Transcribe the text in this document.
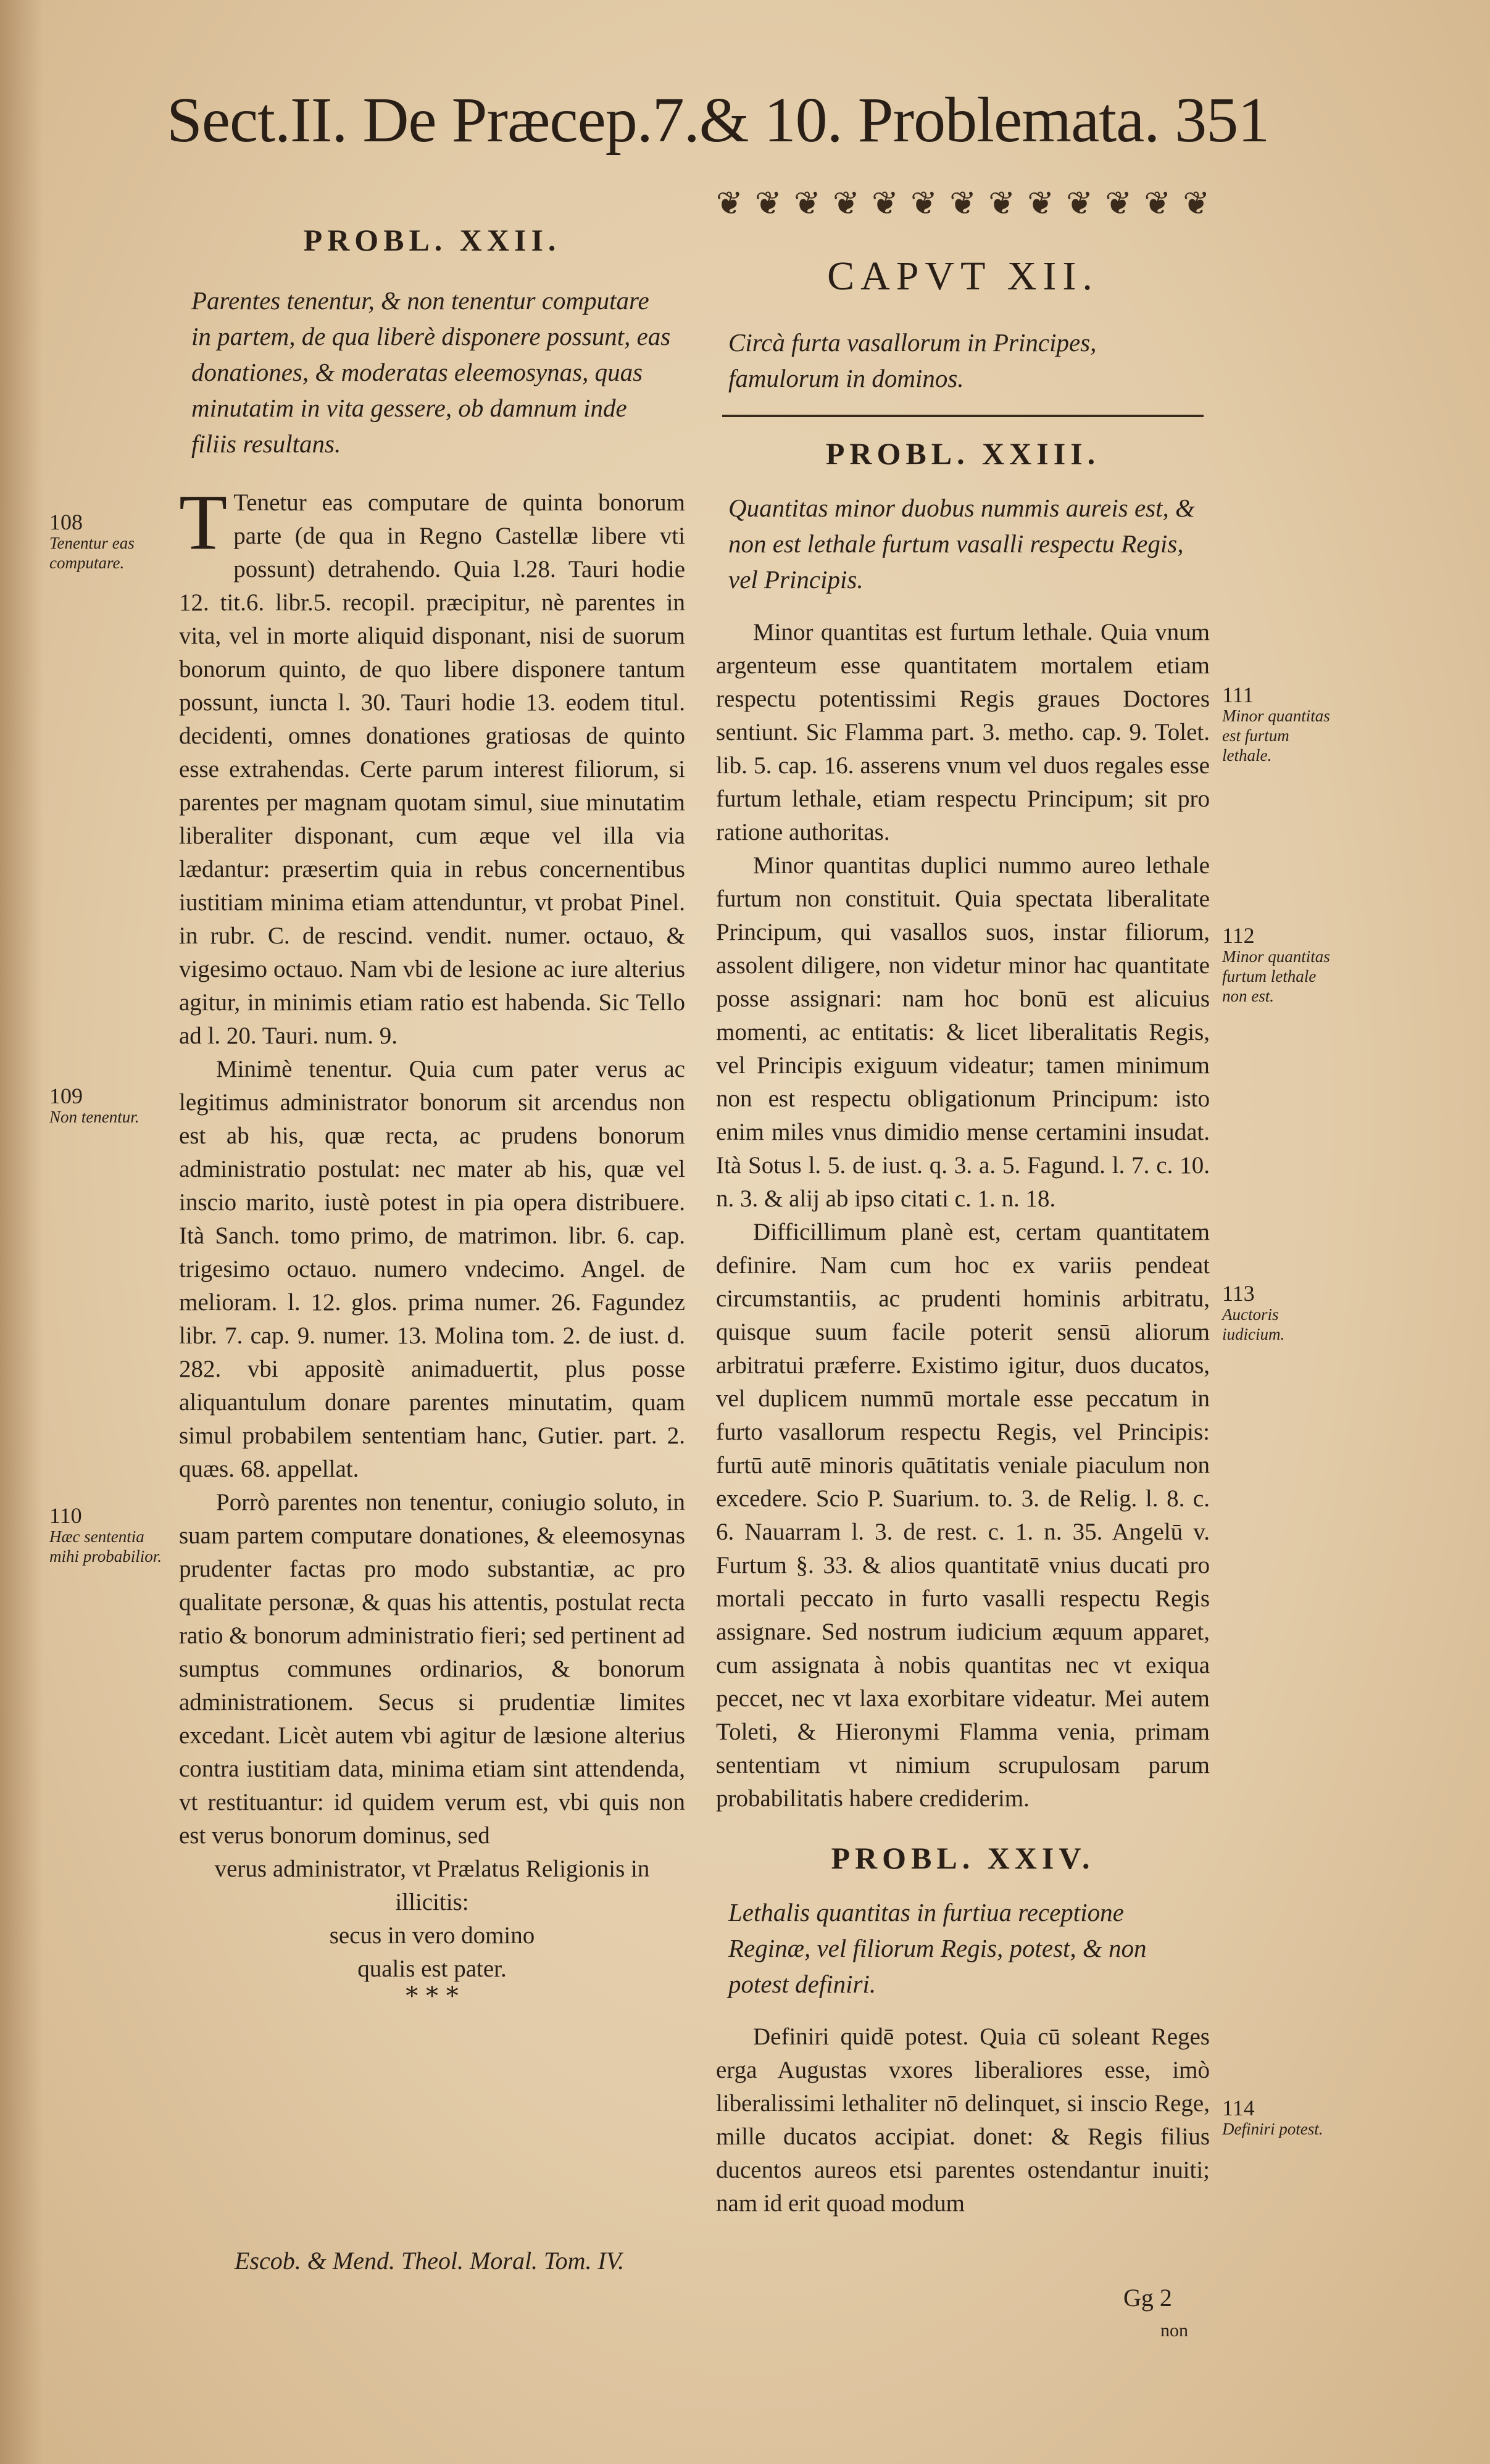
Sect.II. De Præcep.7.& 10. Problemata. 351
PROBL. XXII.

Parentes tenentur, & non tenentur computare in partem, de qua liberè disponere possunt, eas donationes, & moderatas eleemosynas, quas minutatim in vita gessere, ob damnum inde filiis resultans.

T Tenetur eas computare de quinta bonorum parte (de qua in Regno Castellæ libere vti possunt) detrahendo. Quia l.28. Tauri hodie 12. tit.6. libr.5. recopil. præcipitur, nè parentes in vita, vel in morte aliquid disponant, nisi de suorum bonorum quinto, de quo libere disponere tantum possunt, iuncta l. 30. Tauri hodie 13. eodem titul. decidenti, omnes donationes gratiosas de quinto esse extrahendas. Certe parum interest filiorum, si parentes per magnam quotam simul, siue minutatim liberaliter disponant, cum æque vel illa via lædantur: præsertim quia in rebus concernentibus iustitiam minima etiam attenduntur, vt probat Pinel. in rubr. C. de rescind. vendit. numer. octauo, & vigesimo octauo. Nam vbi de lesione ac iure alterius agitur, in minimis etiam ratio est habenda. Sic Tello ad l. 20. Tauri. num. 9.

Minimè tenentur. Quia cum pater verus ac legitimus administrator bonorum sit arcendus non est ab his, quæ recta, ac prudens bonorum administratio postulat: nec mater ab his, quæ vel inscio marito, iustè potest in pia opera distribuere. Ità Sanch. tomo primo, de matrimon. libr. 6. cap. trigesimo octauo. numero vndecimo. Angel. de melioram. l. 12. glos. prima numer. 26. Fagundez libr. 7. cap. 9. numer. 13. Molina tom. 2. de iust. d. 282. vbi appositè animaduertit, plus posse aliquantulum donare parentes minutatim, quam simul probabilem sententiam hanc, Gutier. part. 2. quæs. 68. appellat.

Porrò parentes non tenentur, coniugio soluto, in suam partem computare donationes, & eleemosynas prudenter factas pro modo substantiæ, ac pro qualitate personæ, & quas his attentis, postulat recta ratio & bonorum administratio fieri; sed pertinent ad sumptus communes ordinarios, & bonorum administrationem. Secus si prudentiæ limites excedant. Licèt autem vbi agitur de læsione alterius contra iustitiam data, minima etiam sint attendenda, vt restituantur: id quidem verum est, vbi quis non est verus bonorum dominus, sed

verus administrator, vt Prælatus Religionis in illicitis:
secus in vero domino
qualis est pater.
* * *
❦ ❦ ❦ ❦ ❦ ❦ ❦ ❦ ❦ ❦ ❦ ❦ ❦
CAPVT XII.

Circà furta vasallorum in Principes, famulorum in dominos.

PROBL. XXIII.

Quantitas minor duobus nummis aureis est, & non est lethale furtum vasalli respectu Regis, vel Principis.

Minor quantitas est furtum lethale. Quia vnum argenteum esse quantitatem mortalem etiam respectu potentissimi Regis graues Doctores sentiunt. Sic Flamma part. 3. metho. cap. 9. Tolet. lib. 5. cap. 16. asserens vnum vel duos regales esse furtum lethale, etiam respectu Principum; sit pro ratione authoritas.

Minor quantitas duplici nummo aureo lethale furtum non constituit. Quia spectata liberalitate Principum, qui vasallos suos, instar filiorum, assolent diligere, non videtur minor hac quantitate posse assignari: nam hoc bonū est alicuius momenti, ac entitatis: & licet liberalitatis Regis, vel Principis exiguum videatur; tamen minimum non est respectu obligationum Principum: isto enim miles vnus dimidio mense certamini insudat. Ità Sotus l. 5. de iust. q. 3. a. 5. Fagund. l. 7. c. 10. n. 3. & alij ab ipso citati c. 1. n. 18.

Difficillimum planè est, certam quantitatem definire. Nam cum hoc ex variis pendeat circumstantiis, ac prudenti hominis arbitratu, quisque suum facile poterit sensū aliorum arbitratui præferre. Existimo igitur, duos ducatos, vel duplicem nummū mortale esse peccatum in furto vasallorum respectu Regis, vel Principis: furtū autē minoris quātitatis veniale piaculum non excedere. Scio P. Suarium. to. 3. de Relig. l. 8. c. 6. Nauarram l. 3. de rest. c. 1. n. 35. Angelū v. Furtum §. 33. & alios quantitatē vnius ducati pro mortali peccato in furto vasalli respectu Regis assignare. Sed nostrum iudicium æquum apparet, cum assignata à nobis quantitas nec vt exiqua peccet, nec vt laxa exorbitare videatur. Mei autem Toleti, & Hieronymi Flamma venia, primam sententiam vt nimium scrupulosam parum probabilitatis habere crediderim.

PROBL. XXIV.

Lethalis quantitas in furtiua receptione Reginæ, vel filiorum Regis, potest, & non potest definiri.

Definiri quidē potest. Quia cū soleant Reges erga Augustas vxores liberaliores esse, imò liberalissimi lethaliter nō delinquet, si inscio Rege, mille ducatos accipiat. donet: & Regis filius ducentos aureos etsi parentes ostendantur inuiti; nam id erit quoad modum

108
Tenentur eas computare.
109
Non tenentur.
110
Hæc sententia mihi probabilior.
111
Minor quantitas est furtum lethale.
112
Minor quantitas furtum lethale non est.
113
Auctoris iudicium.
114
Definiri potest.
Escob. & Mend. Theol. Moral. Tom. IV.
Gg 2
non
